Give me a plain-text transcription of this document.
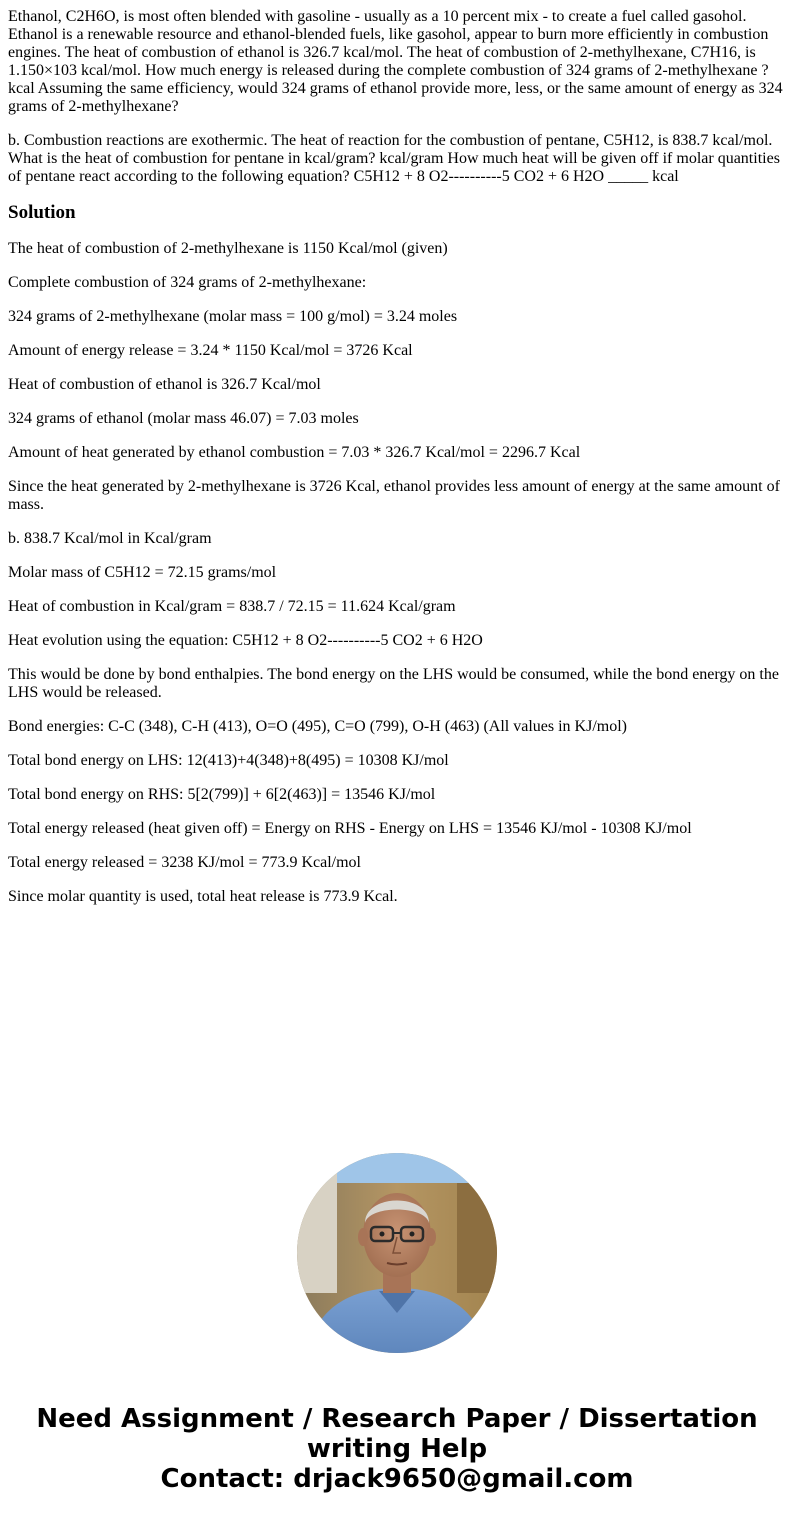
Ethanol, C2H6O, is most often blended with gasoline - usually as a 10 percent mix - to create a fuel called gasohol. Ethanol is a renewable resource and ethanol-blended fuels, like gasohol, appear to burn more efficiently in combustion engines. The heat of combustion of ethanol is 326.7 kcal/mol. The heat of combustion of 2-methylhexane, C7H16, is 1.150×103 kcal/mol. How much energy is released during the complete combustion of 324 grams of 2-methylhexane ? kcal Assuming the same efficiency, would 324 grams of ethanol provide more, less, or the same amount of energy as 324 grams of 2-methylhexane?

b. Combustion reactions are exothermic. The heat of reaction for the combustion of pentane, C5H12, is 838.7 kcal/mol. What is the heat of combustion for pentane in kcal/gram? kcal/gram How much heat will be given off if molar quantities of pentane react according to the following equation? C5H12 + 8 O2----------5 CO2 + 6 H2O _____ kcal

Solution

The heat of combustion of 2-methylhexane is 1150 Kcal/mol (given)

Complete combustion of 324 grams of 2-methylhexane:

324 grams of 2-methylhexane (molar mass = 100 g/mol) = 3.24 moles

Amount of energy release = 3.24 * 1150 Kcal/mol = 3726 Kcal

Heat of combustion of ethanol is 326.7 Kcal/mol

324 grams of ethanol (molar mass 46.07) = 7.03 moles

Amount of heat generated by ethanol combustion = 7.03 * 326.7 Kcal/mol = 2296.7 Kcal

Since the heat generated by 2-methylhexane is 3726 Kcal, ethanol provides less amount of energy at the same amount of mass.

b. 838.7 Kcal/mol in Kcal/gram

Molar mass of C5H12 = 72.15 grams/mol

Heat of combustion in Kcal/gram = 838.7 / 72.15 = 11.624 Kcal/gram

Heat evolution using the equation: C5H12 + 8 O2----------5 CO2 + 6 H2O

This would be done by bond enthalpies. The bond energy on the LHS would be consumed, while the bond energy on the LHS would be released.

Bond energies: C-C (348), C-H (413), O=O (495), C=O (799), O-H (463) (All values in KJ/mol)

Total bond energy on LHS: 12(413)+4(348)+8(495) = 10308 KJ/mol

Total bond energy on RHS: 5[2(799)] + 6[2(463)] = 13546 KJ/mol

Total energy released (heat given off) = Energy on RHS - Energy on LHS = 13546 KJ/mol - 10308 KJ/mol

Total energy released = 3238 KJ/mol = 773.9 Kcal/mol

Since molar quantity is used, total heat release is 773.9 Kcal.

Need Assignment / Research Paper / Dissertation
writing Help
Contact: drjack9650@gmail.com
